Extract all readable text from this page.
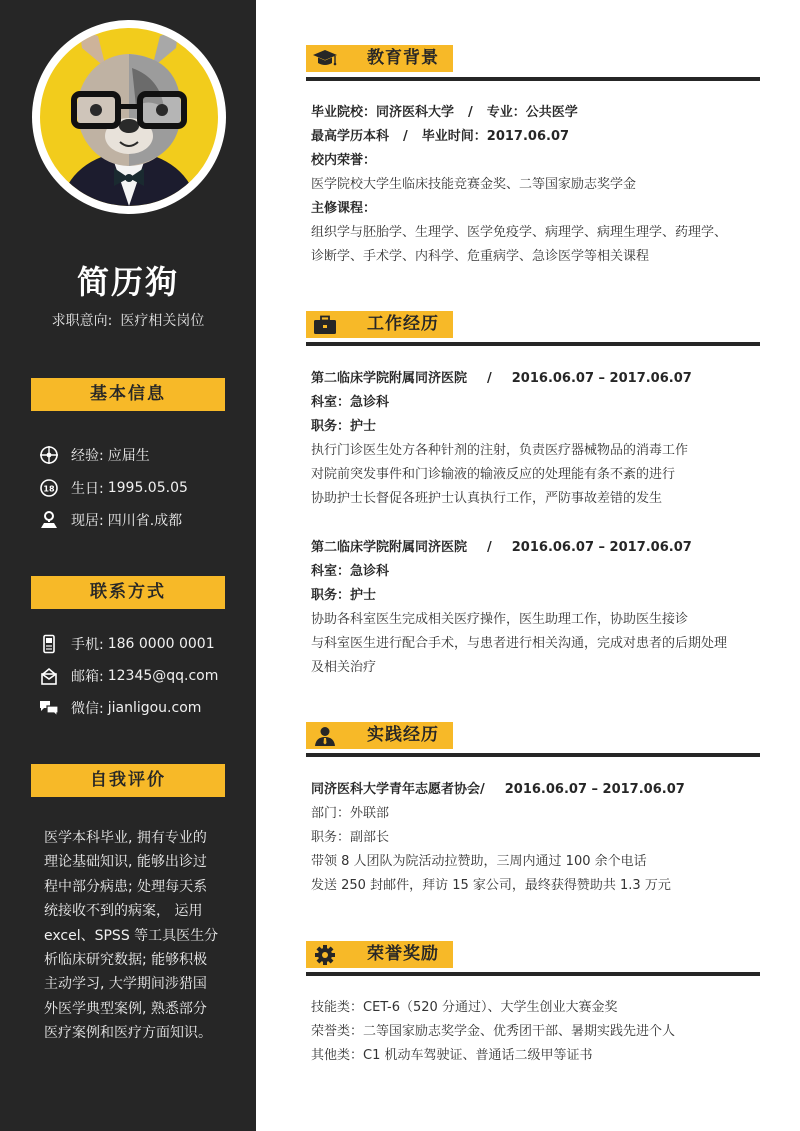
简历狗
求职意向: 医疗相关岗位
基本信息
经验: 应届生
18 生日: 1995.05.05
现居: 四川省.成都
联系方式
手机: 186 0000 0001
邮箱: 12345@qq.com
微信: jianligou.com
自我评价
医学本科毕业, 拥有专业的
理论基础知识, 能够出诊过
程中部分病患; 处理每天系
统接收不到的病案， 运用
excel、SPSS 等工具医生分
析临床研究数据; 能够积极
主动学习, 大学期间涉猎国
外医学典型案例, 熟悉部分
医疗案例和医疗方面知识。
教育背景
毕业院校：同济医科大学 / 专业：公共医学
最高学历本科 / 毕业时间：2017.06.07
校内荣誉：
医学院校大学生临床技能竞赛金奖、二等国家励志奖学金
主修课程：
组织学与胚胎学、生理学、医学免疫学、病理学、病理生理学、药理学、
诊断学、手术学、内科学、危重病学、急诊医学等相关课程
工作经历
第二临床学院附属同济医院 / 2016.06.07 – 2017.06.07
科室：急诊科
职务：护士
执行门诊医生处方各种针剂的注射，负责医疗器械物品的消毒工作
对院前突发事件和门诊输液的输液反应的处理能有条不紊的进行
协助护士长督促各班护士认真执行工作，严防事故差错的发生
第二临床学院附属同济医院 / 2016.06.07 – 2017.06.07
科室：急诊科
职务：护士
协助各科室医生完成相关医疗操作，医生助理工作，协助医生接诊
与科室医生进行配合手术，与患者进行相关沟通，完成对患者的后期处理
及相关治疗
实践经历
同济医科大学青年志愿者协会/ 2016.06.07 – 2017.06.07
部门：外联部
职务：副部长
带领 8 人团队为院活动拉赞助，三周内通过 100 余个电话
发送 250 封邮件，拜访 15 家公司，最终获得赞助共 1.3 万元
荣誉奖励
技能类：CET-6（520 分通过）、大学生创业大赛金奖
荣誉类：二等国家励志奖学金、优秀团干部、暑期实践先进个人
其他类：C1 机动车驾驶证、普通话二级甲等证书
